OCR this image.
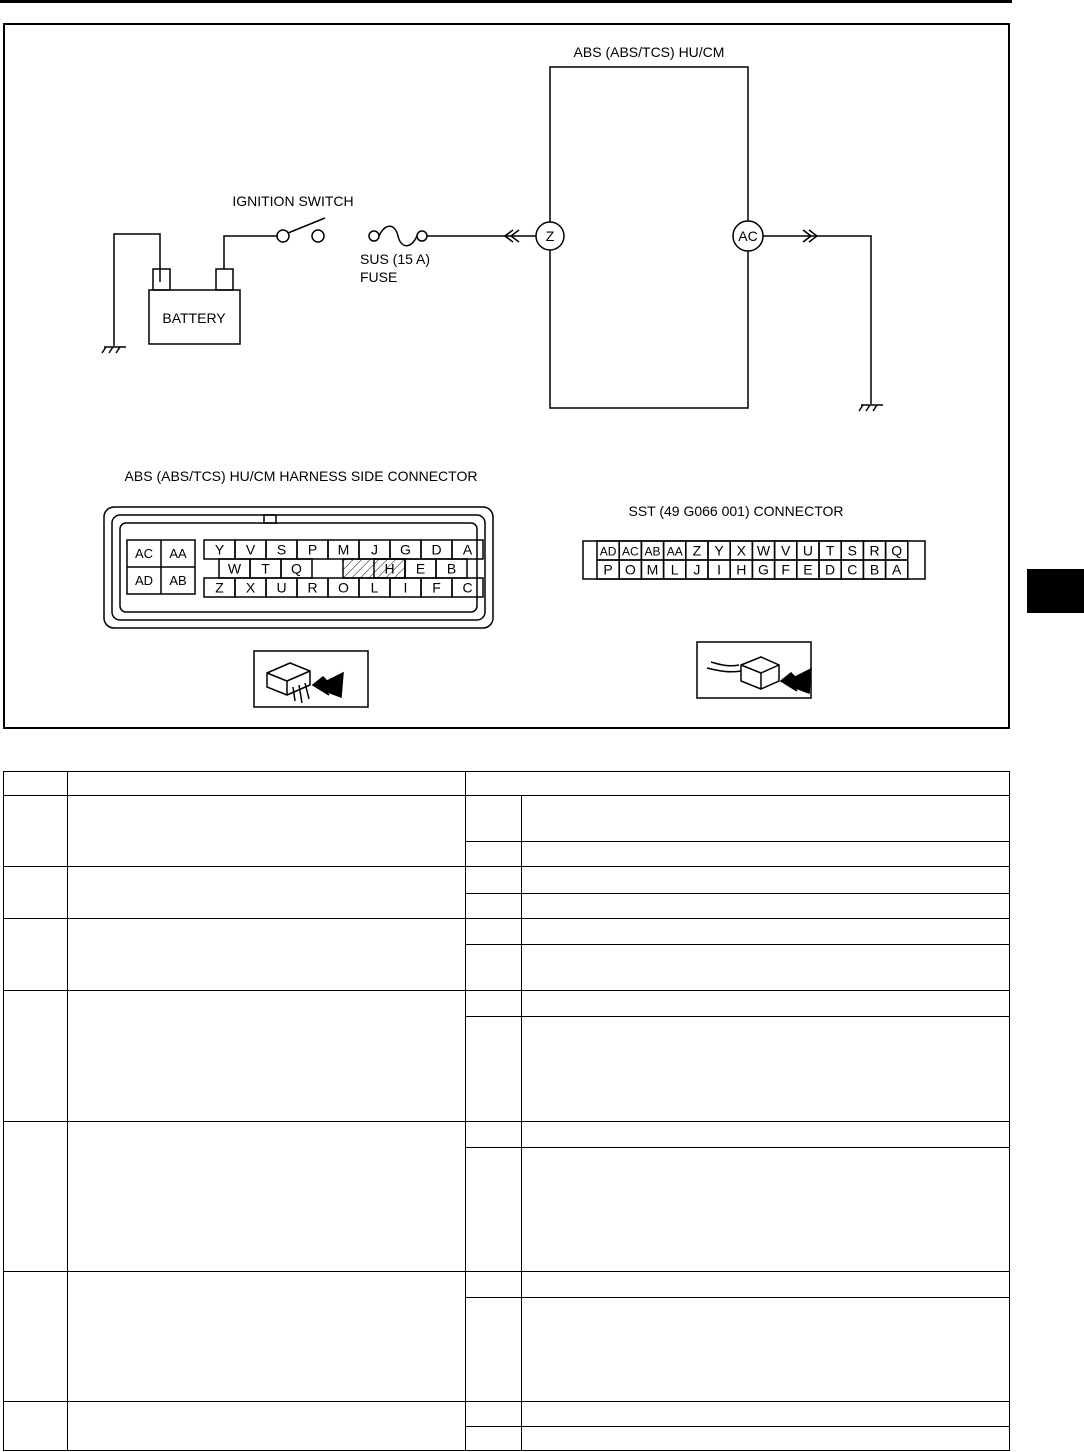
ABS (ABS/TCS) HU/CM
BATTERY
IGNITION SWITCH
SUS (15 A)
FUSE
Z	AC
ABS (ABS/TCS) HU/CM HARNESS SIDE CONNECTOR
AC AA
AD AB
Y V S P M J G D A
W T Q	H E B
Z X U R O L I F C
SST (49 G066 001) CONNECTOR
AD AC AB AA Z Y X W V U T S R Q
P O M L J I H G F E D C B A
